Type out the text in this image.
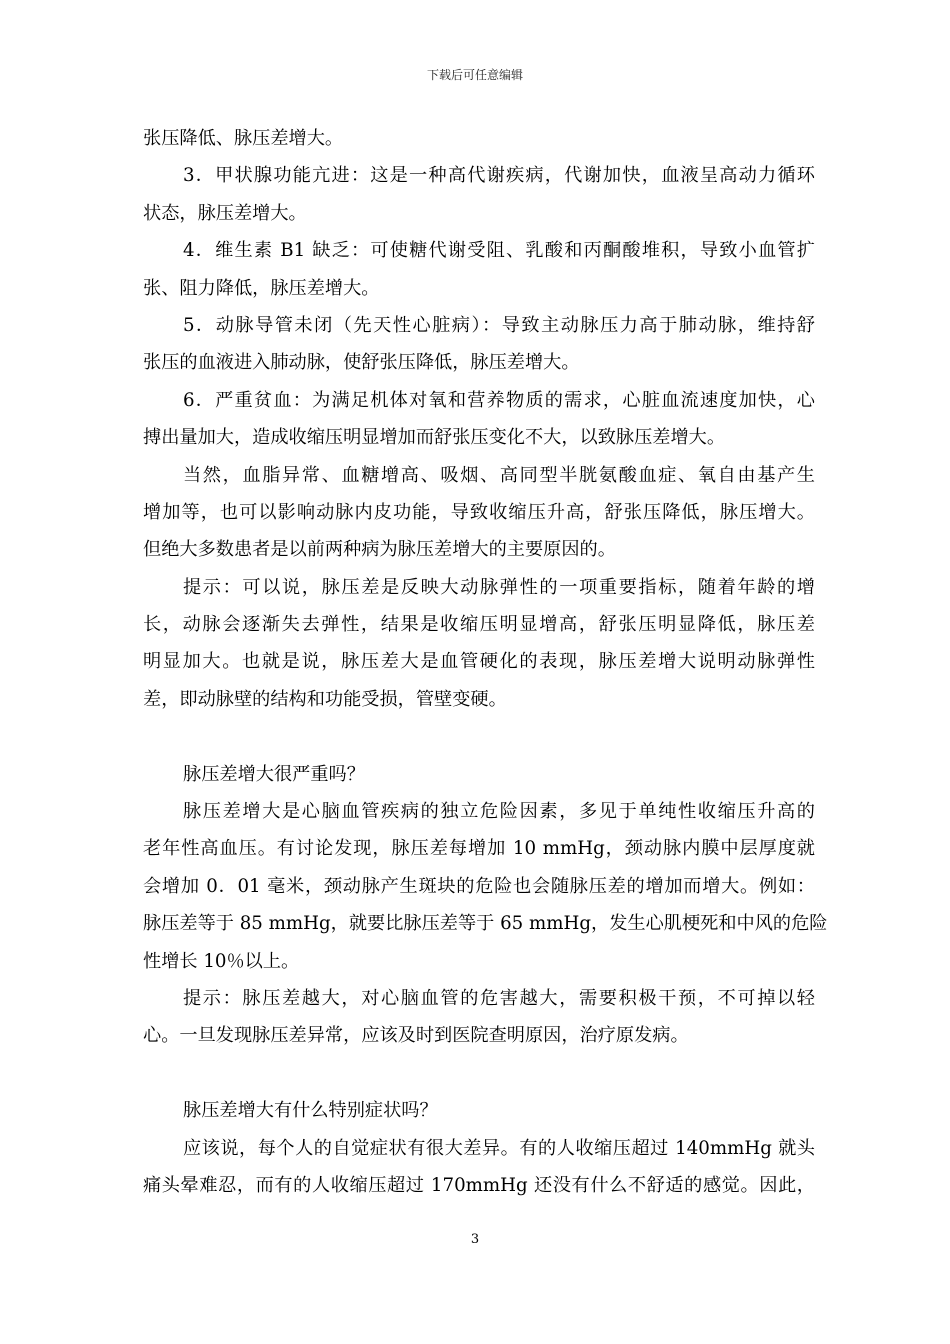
下载后可任意编辑
张压降低、脉压差增大。
3．甲状腺功能亢进：这是一种高代谢疾病，代谢加快，血液呈高动力循环
状态，脉压差增大。
4．维生素 B1 缺乏：可使糖代谢受阻、乳酸和丙酮酸堆积，导致小血管扩
张、阻力降低，脉压差增大。
5．动脉导管未闭（先天性心脏病）：导致主动脉压力高于肺动脉，维持舒
张压的血液进入肺动脉，使舒张压降低，脉压差增大。
6．严重贫血：为满足机体对氧和营养物质的需求，心脏血流速度加快，心
搏出量加大，造成收缩压明显增加而舒张压变化不大，以致脉压差增大。
当然，血脂异常、血糖增高、吸烟、高同型半胱氨酸血症、氧自由基产生
增加等，也可以影响动脉内皮功能，导致收缩压升高，舒张压降低，脉压增大。
但绝大多数患者是以前两种病为脉压差增大的主要原因的。
提示：可以说，脉压差是反映大动脉弹性的一项重要指标，随着年龄的增
长，动脉会逐渐失去弹性，结果是收缩压明显增高，舒张压明显降低，脉压差
明显加大。也就是说，脉压差大是血管硬化的表现，脉压差增大说明动脉弹性
差，即动脉壁的结构和功能受损，管壁变硬。
脉压差增大很严重吗？
脉压差增大是心脑血管疾病的独立危险因素，多见于单纯性收缩压升高的
老年性高血压。有讨论发现，脉压差每增加 10 mmHg，颈动脉内膜中层厚度就
会增加 0．01 毫米，颈动脉产生斑块的危险也会随脉压差的增加而增大。例如：
脉压差等于 85 mmHg，就要比脉压差等于 65 mmHg，发生心肌梗死和中风的危险
性增长 10％以上。
提示：脉压差越大，对心脑血管的危害越大，需要积极干预，不可掉以轻
心。一旦发现脉压差异常，应该及时到医院查明原因，治疗原发病。
脉压差增大有什么特别症状吗？
应该说，每个人的自觉症状有很大差异。有的人收缩压超过 140mmHg 就头
痛头晕难忍，而有的人收缩压超过 170mmHg 还没有什么不舒适的感觉。因此，
3
